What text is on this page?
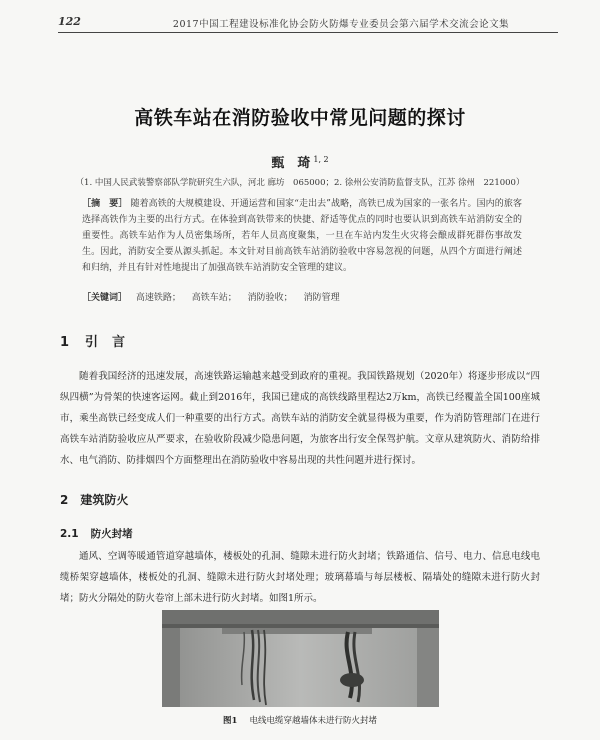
122	2017中国工程建设标准化协会防火防爆专业委员会第六届学术交流会论文集
高铁车站在消防验收中常见问题的探讨
甄　琦 $^{1, 2}$
（1. 中国人民武装警察部队学院研究生六队，河北 廊坊　065000；2. 徐州公安消防监督支队，江苏 徐州　221000）
［摘　要］ 随着高铁的大规模建设、开通运营和国家“走出去”战略，高铁已成为国家的一张名片。国内的旅客选择高铁作为主要的出行方式。在体验到高铁带来的快捷、舒适等优点的同时也要认识到高铁车站消防安全的重要性。高铁车站作为人员密集场所，若年人员高度聚集，一旦在车站内发生火灾将会酿成群死群伤事故发生。因此，消防安全要从源头抓起。本文针对目前高铁车站消防验收中容易忽视的问题，从四个方面进行阐述和归纳，并且有针对性地提出了加强高铁车站消防安全管理的建议。
［关键词］ 高速铁路； 高铁车站； 消防验收； 消防管理
1 引言
随着我国经济的迅速发展，高速铁路运输越来越受到政府的重视。我国铁路规划（2020年）将逐步形成以“四纵四横”为骨架的快速客运网。截止到2016年，我国已建成的高铁线路里程达2万km，高铁已经覆盖全国100座城市，乘坐高铁已经变成人们一种重要的出行方式。高铁车站的消防安全就显得极为重要，作为消防管理部门在进行高铁车站消防验收应从严要求，在验收阶段减少隐患问题，为旅客出行安全保驾护航。文章从建筑防火、消防给排水、电气消防、防排烟四个方面整理出在消防验收中容易出现的共性问题并进行探讨。
2 建筑防火
2.1 防火封堵
通风、空调等暖通管道穿越墙体，楼板处的孔洞、缝隙未进行防火封堵；铁路通信、信号、电力、信息电线电缆桥架穿越墙体，楼板处的孔洞、缝隙未进行防火封堵处理；玻璃幕墙与每层楼板、隔墙处的缝隙未进行防火封堵；防火分隔处的防火卷帘上部未进行防火封堵。如图1所示。
图1 电线电缆穿越墙体未进行防火封堵
